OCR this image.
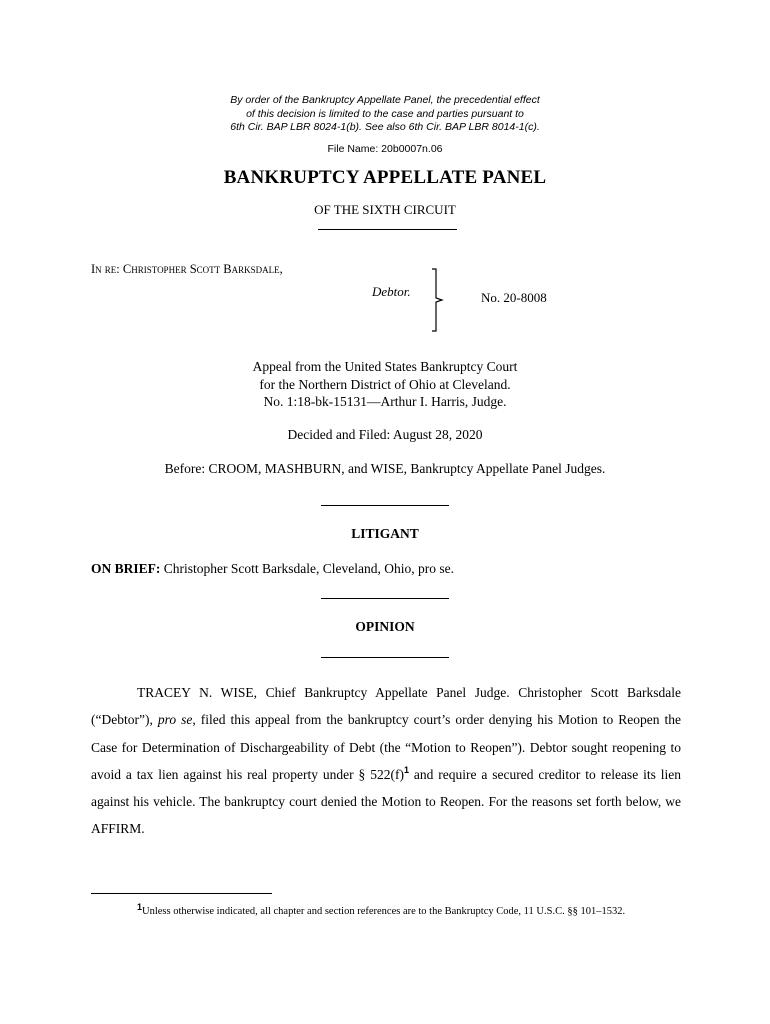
By order of the Bankruptcy Appellate Panel, the precedential effect
of this decision is limited to the case and parties pursuant to
6th Cir. BAP LBR 8024-1(b). See also 6th Cir. BAP LBR 8014-1(c).
File Name: 20b0007n.06
BANKRUPTCY APPELLATE PANEL
OF THE SIXTH CIRCUIT
In re: Christopher Scott Barksdale,
Debtor.	No. 20-8008
Appeal from the United States Bankruptcy Court
for the Northern District of Ohio at Cleveland.
No. 1:18-bk-15131—Arthur I. Harris, Judge.
Decided and Filed: August 28, 2020
Before: CROOM, MASHBURN, and WISE, Bankruptcy Appellate Panel Judges.
LITIGANT
ON BRIEF: Christopher Scott Barksdale, Cleveland, Ohio, pro se.
OPINION
TRACEY N. WISE, Chief Bankruptcy Appellate Panel Judge. Christopher Scott Barksdale (“Debtor”), pro se, filed this appeal from the bankruptcy court’s order denying his Motion to Reopen the Case for Determination of Dischargeability of Debt (the “Motion to Reopen”). Debtor sought reopening to avoid a tax lien against his real property under § $522(f)^1$ and require a secured creditor to release its lien against his vehicle. The bankruptcy court denied the Motion to Reopen. For the reasons set forth below, we AFFIRM.
$^1$Unless otherwise indicated, all chapter and section references are to the Bankruptcy Code, 11 U.S.C. §§ 101–1532.
